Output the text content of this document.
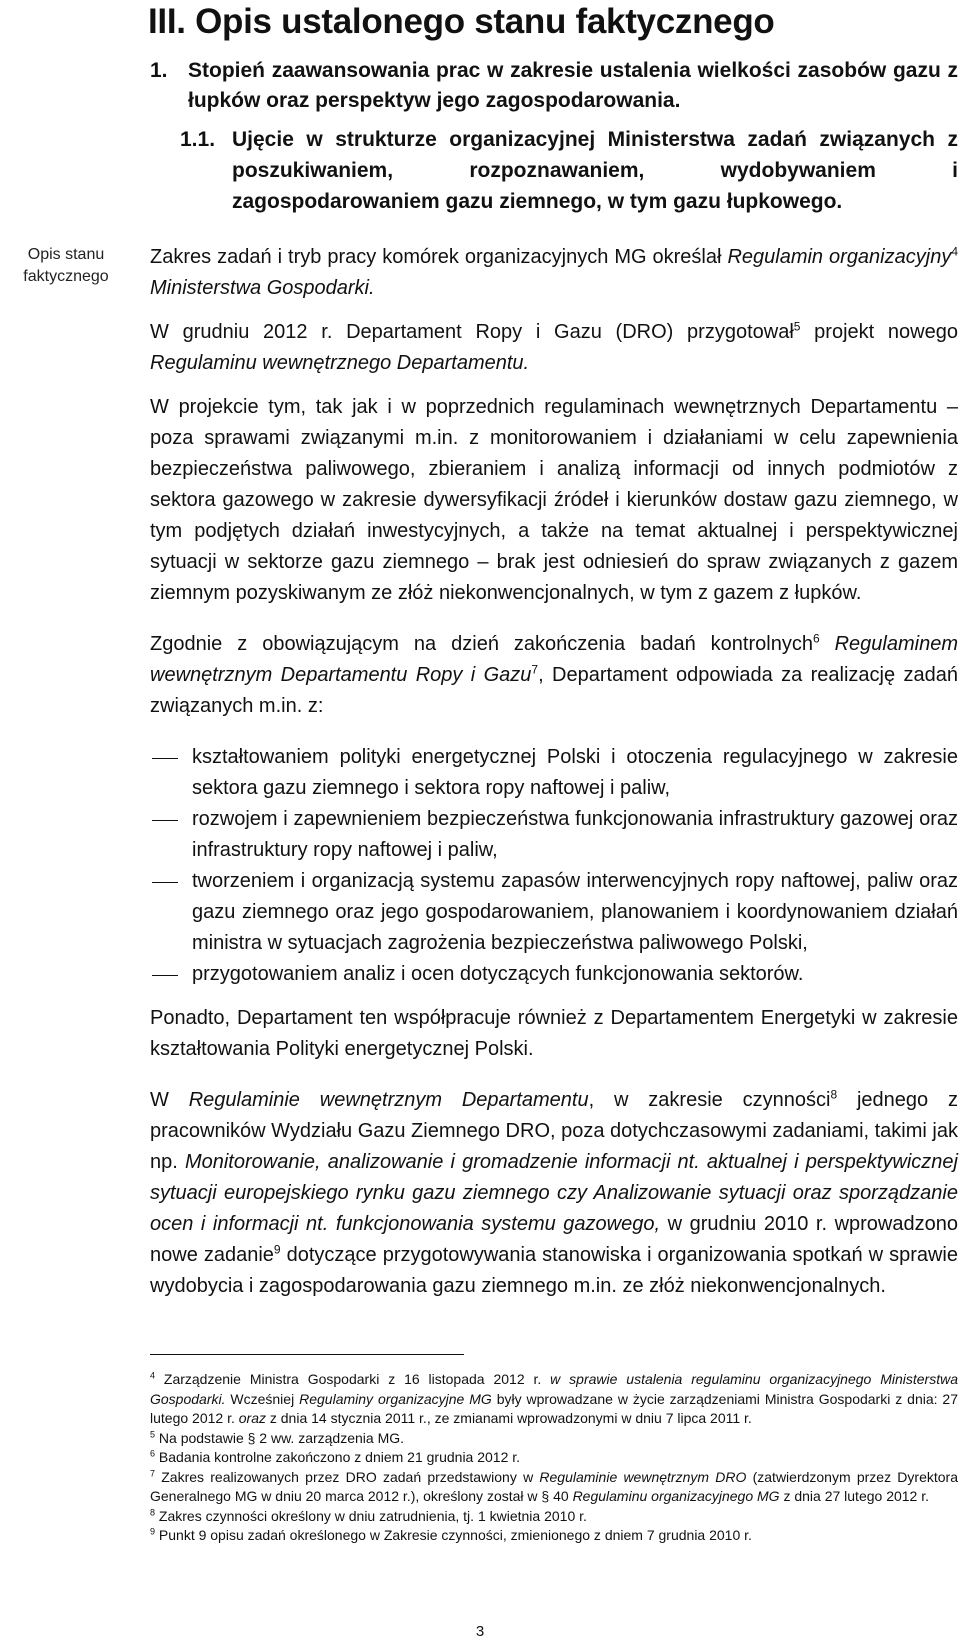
III. Opis ustalonego stanu faktycznego
1. Stopień zaawansowania prac w zakresie ustalenia wielkości zasobów gazu z łupków oraz perspektyw jego zagospodarowania.
1.1. Ujęcie w strukturze organizacyjnej Ministerstwa zadań związanych z poszukiwaniem, rozpoznawaniem, wydobywaniem i zagospodarowaniem gazu ziemnego, w tym gazu łupkowego.
Opis stanu faktycznego

Zakres zadań i tryb pracy komórek organizacyjnych MG określał Regulamin organizacyjny$^4$ Ministerstwa Gospodarki.

W grudniu 2012 r. Departament Ropy i Gazu (DRO) przygotował$^5$ projekt nowego Regulaminu wewnętrznego Departamentu.

W projekcie tym, tak jak i w poprzednich regulaminach wewnętrznych Departamentu – poza sprawami związanymi m.in. z monitorowaniem i działaniami w celu zapewnienia bezpieczeństwa paliwowego, zbieraniem i analizą informacji od innych podmiotów z sektora gazowego w zakresie dywersyfikacji źródeł i kierunków dostaw gazu ziemnego, w tym podjętych działań inwestycyjnych, a także na temat aktualnej i perspektywicznej sytuacji w sektorze gazu ziemnego – brak jest odniesień do spraw związanych z gazem ziemnym pozyskiwanym ze złóż niekonwencjonalnych, w tym z gazem z łupków.

Zgodnie z obowiązującym na dzień zakończenia badań kontrolnych$^6$ Regulaminem wewnętrznym Departamentu Ropy i Gazu$^7$, Departament odpowiada za realizację zadań związanych m.in. z:

kształtowaniem polityki energetycznej Polski i otoczenia regulacyjnego w zakresie sektora gazu ziemnego i sektora ropy naftowej i paliw,
rozwojem i zapewnieniem bezpieczeństwa funkcjonowania infrastruktury gazowej oraz infrastruktury ropy naftowej i paliw,
tworzeniem i organizacją systemu zapasów interwencyjnych ropy naftowej, paliw oraz gazu ziemnego oraz jego gospodarowaniem, planowaniem i koordynowaniem działań ministra w sytuacjach zagrożenia bezpieczeństwa paliwowego Polski,
przygotowaniem analiz i ocen dotyczących funkcjonowania sektorów.

Ponadto, Departament ten współpracuje również z Departamentem Energetyki w zakresie kształtowania Polityki energetycznej Polski.

W Regulaminie wewnętrznym Departamentu, w zakresie czynności$^8$ jednego z pracowników Wydziału Gazu Ziemnego DRO, poza dotychczasowymi zadaniami, takimi jak np. Monitorowanie, analizowanie i gromadzenie informacji nt. aktualnej i perspektywicznej sytuacji europejskiego rynku gazu ziemnego czy Analizowanie sytuacji oraz sporządzanie ocen i informacji nt. funkcjonowania systemu gazowego, w grudniu 2010 r. wprowadzono nowe zadanie$^9$ dotyczące przygotowywania stanowiska i organizowania spotkań w sprawie wydobycia i zagospodarowania gazu ziemnego m.in. ze złóż niekonwencjonalnych.

$^4$ Zarządzenie Ministra Gospodarki z 16 listopada 2012 r. w sprawie ustalenia regulaminu organizacyjnego Ministerstwa Gospodarki. Wcześniej Regulaminy organizacyjne MG były wprowadzane w życie zarządzeniami Ministra Gospodarki z dnia: 27 lutego 2012 r. oraz z dnia 14 stycznia 2011 r., ze zmianami wprowadzonymi w dniu 7 lipca 2011 r.

$^5$ Na podstawie § 2 ww. zarządzenia MG.

$^6$ Badania kontrolne zakończono z dniem 21 grudnia 2012 r.

$^7$ Zakres realizowanych przez DRO zadań przedstawiony w Regulaminie wewnętrznym DRO (zatwierdzonym przez Dyrektora Generalnego MG w dniu 20 marca 2012 r.), określony został w § 40 Regulaminu organizacyjnego MG z dnia 27 lutego 2012 r.

$^8$ Zakres czynności określony w dniu zatrudnienia, tj. 1 kwietnia 2010 r.

$^9$ Punkt 9 opisu zadań określonego w Zakresie czynności, zmienionego z dniem 7 grudnia 2010 r.

3
